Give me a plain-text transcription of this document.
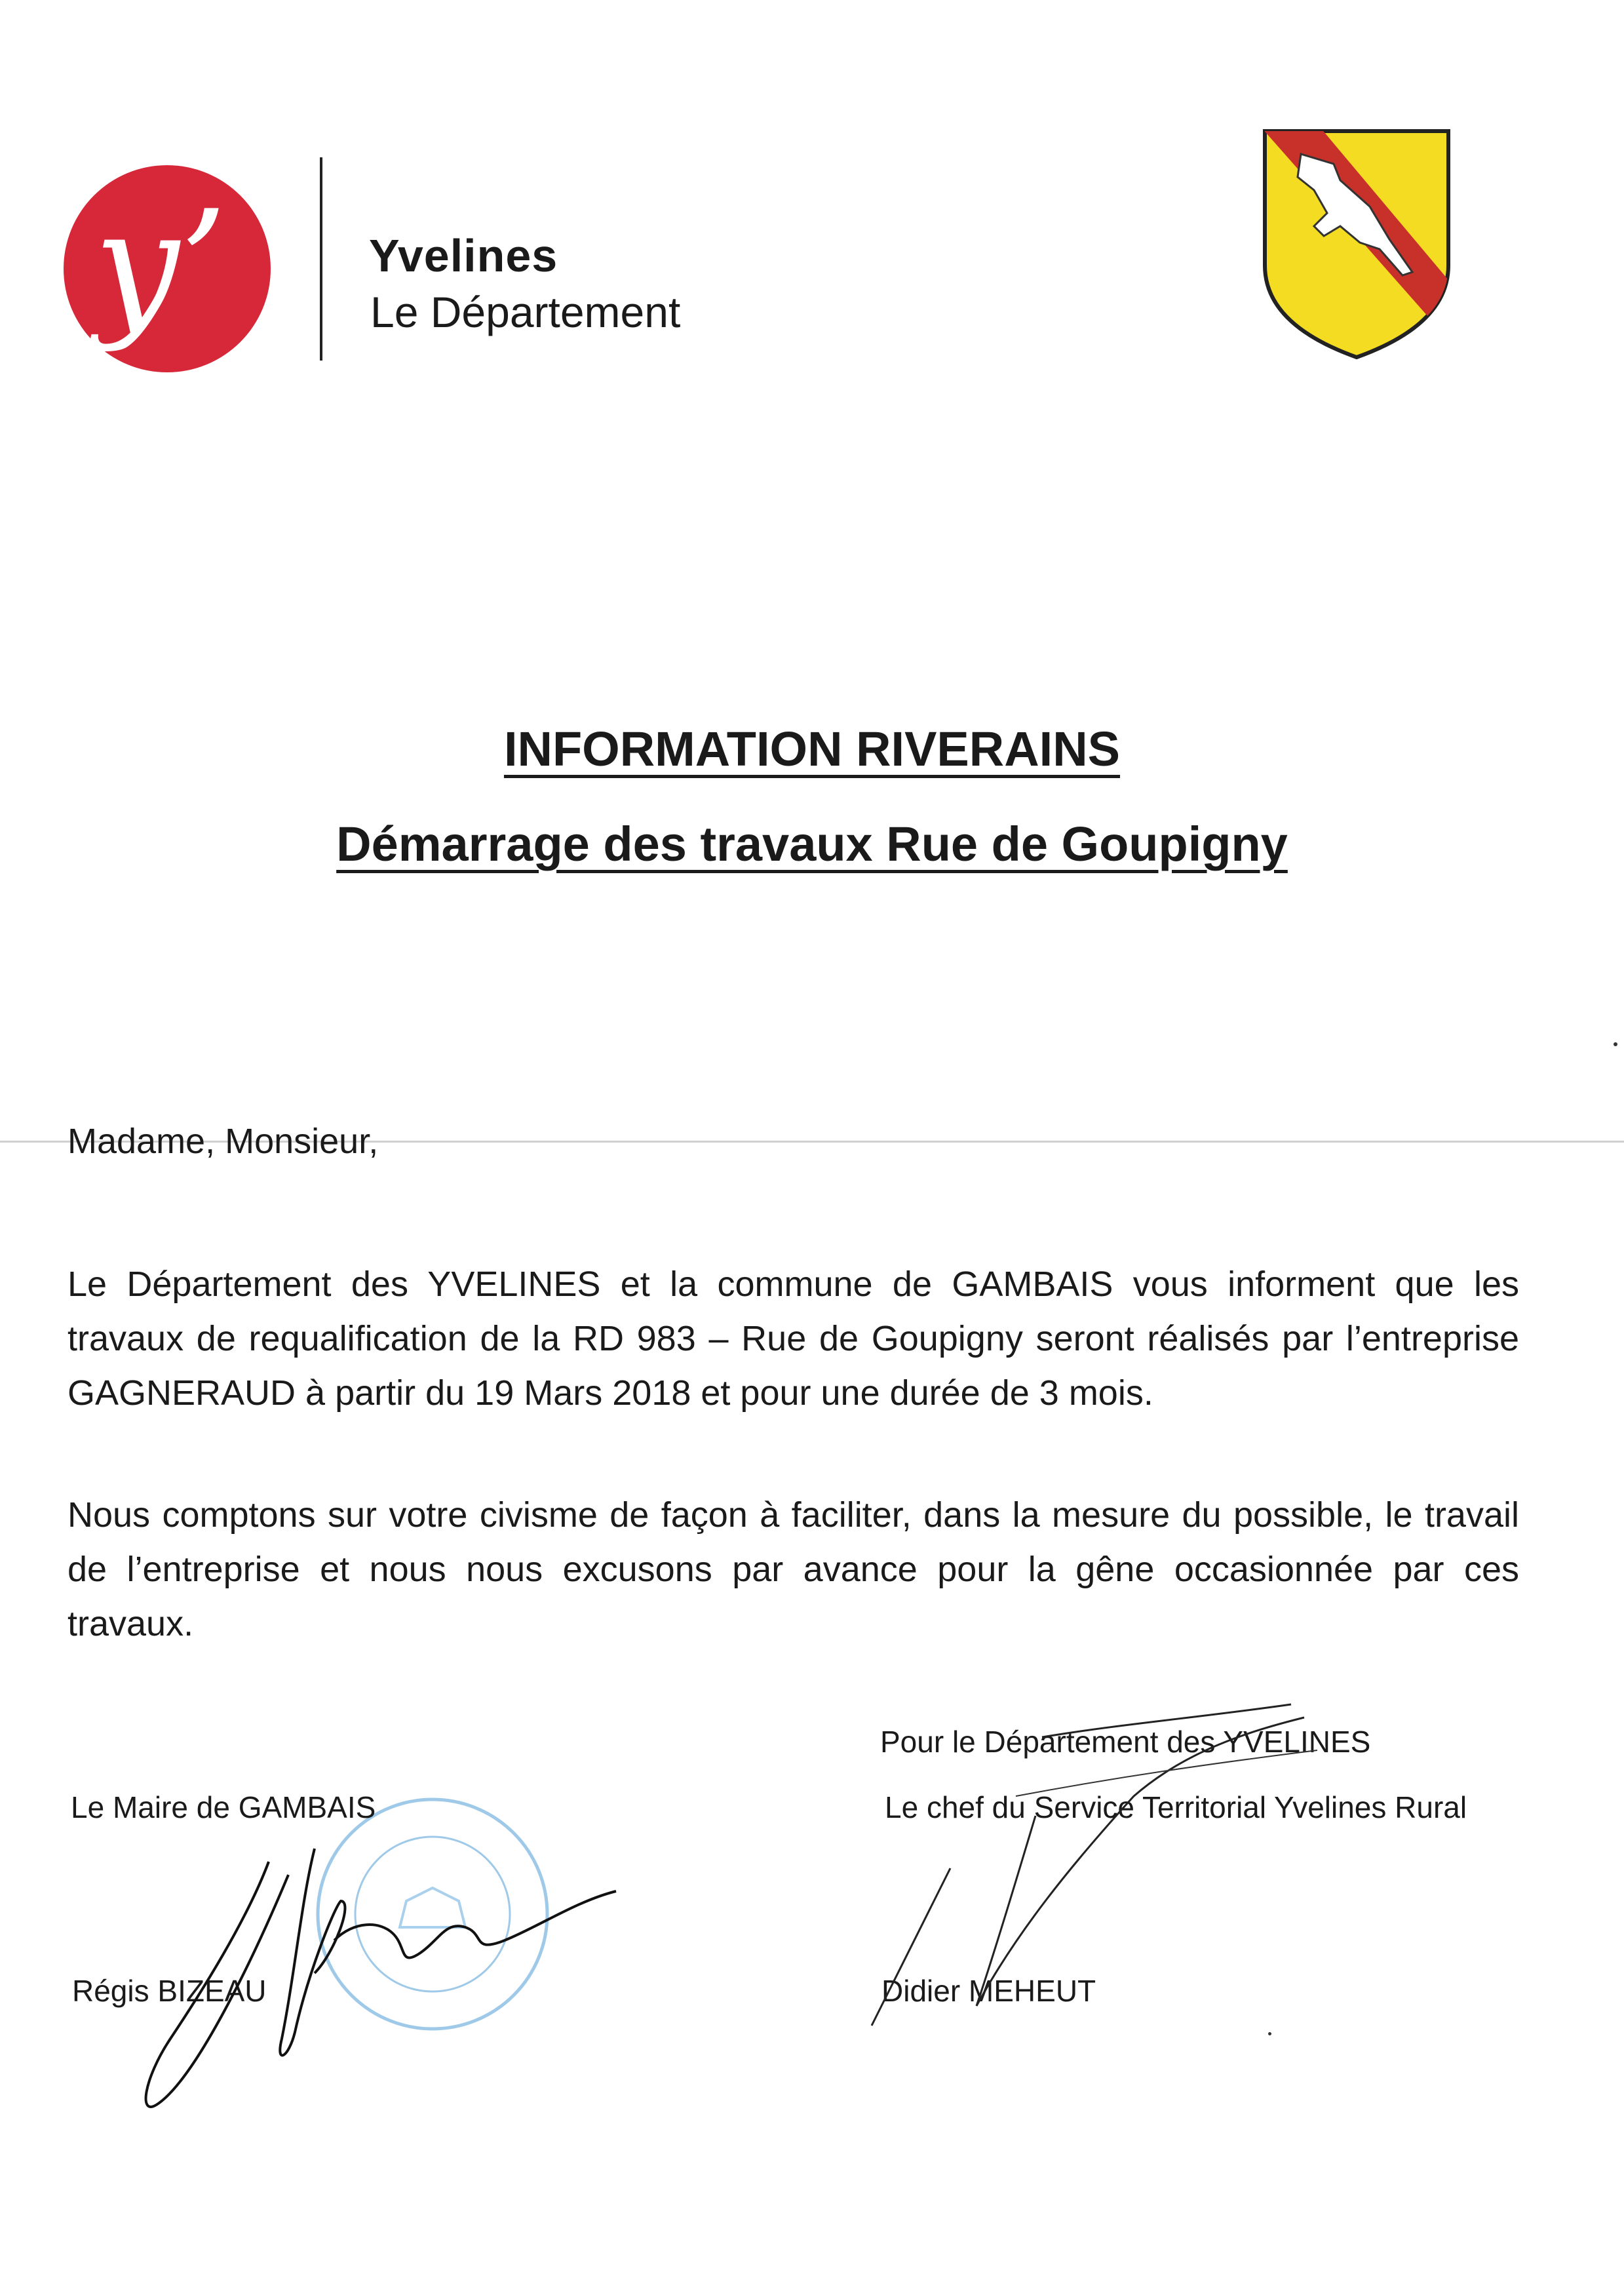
y’	Yvelines
Le Département
INFORMATION RIVERAINS
Démarrage des travaux Rue de Goupigny
Madame, Monsieur,
Le Département des YVELINES et la commune de GAMBAIS vous informent que les travaux de requalification de la RD 983 – Rue de Goupigny seront réalisés par l’entreprise GAGNERAUD à partir du 19 Mars 2018 et pour une durée de 3 mois.
Nous comptons sur votre civisme de façon à faciliter, dans la mesure du possible, le travail de l’entreprise et nous nous excusons par avance pour la gêne occasionnée par ces travaux.
Le Maire de GAMBAIS
Régis BIZEAU
Pour le Département des YVELINES
Le chef du Service Territorial Yvelines Rural
Didier MEHEUT
